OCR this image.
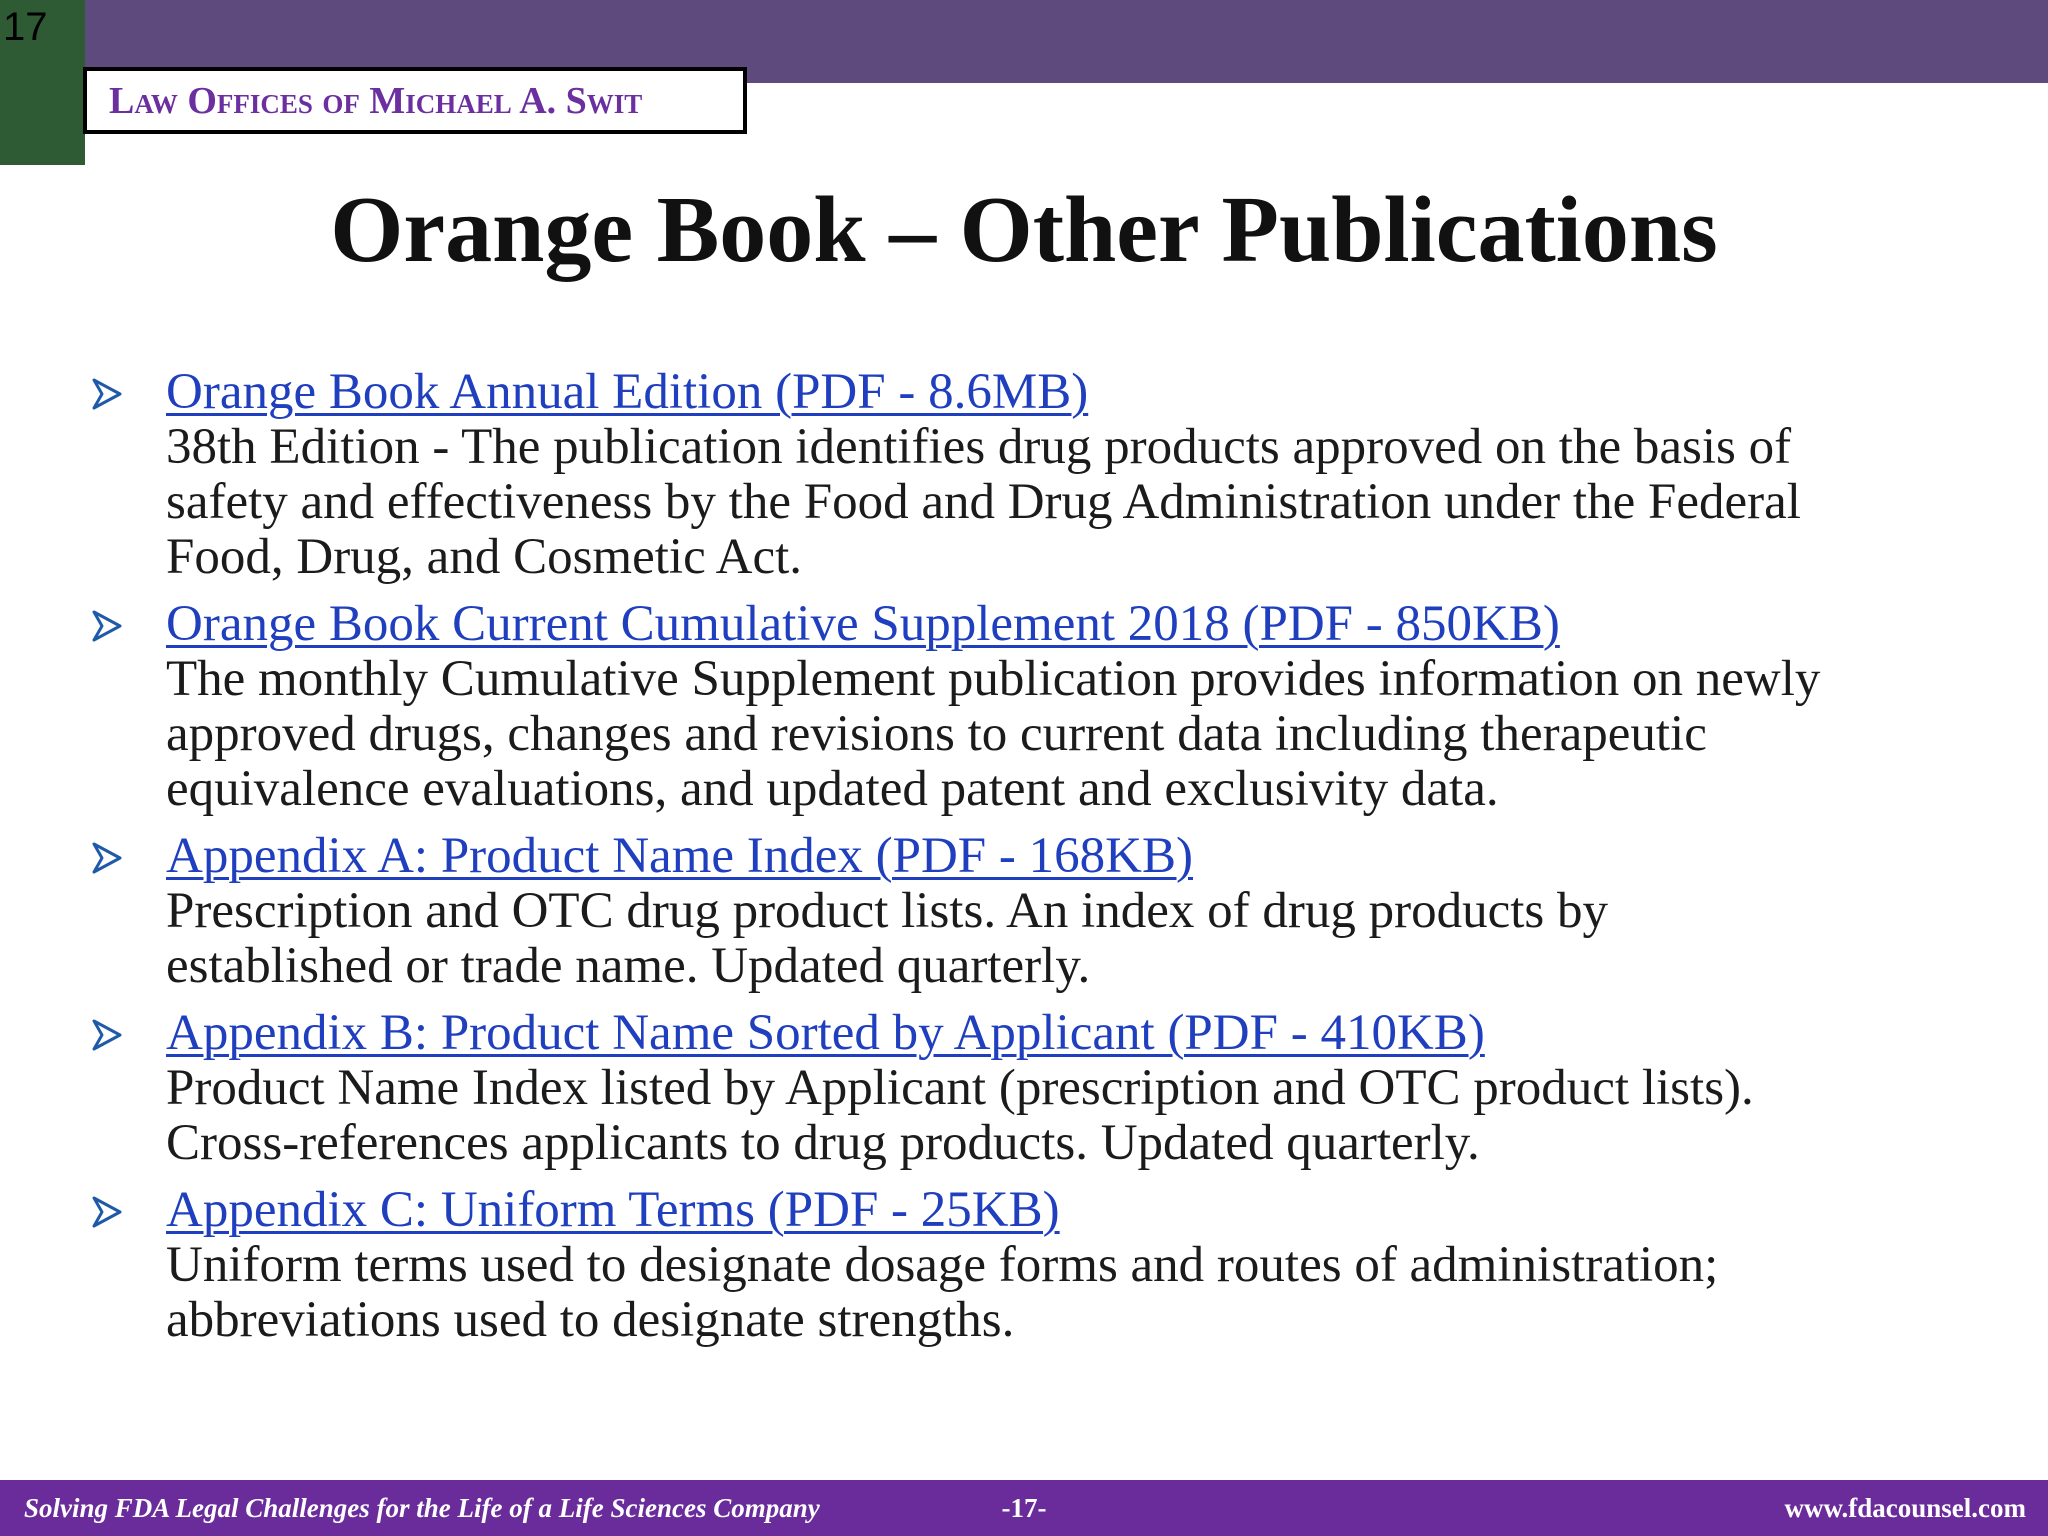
17
Law Offices of Michael A. Swit
Orange Book – Other Publications
Orange Book Annual Edition (PDF - 8.6MB)
38th Edition - The publication identifies drug products approved on the basis of
safety and effectiveness by the Food and Drug Administration under the Federal
Food, Drug, and Cosmetic Act.
Orange Book Current Cumulative Supplement 2018 (PDF - 850KB)
The monthly Cumulative Supplement publication provides information on newly
approved drugs, changes and revisions to current data including therapeutic
equivalence evaluations, and updated patent and exclusivity data.
Appendix A: Product Name Index (PDF - 168KB)
Prescription and OTC drug product lists. An index of drug products by
established or trade name. Updated quarterly.
Appendix B: Product Name Sorted by Applicant (PDF - 410KB)
Product Name Index listed by Applicant (prescription and OTC product lists).
Cross-references applicants to drug products. Updated quarterly.
Appendix C: Uniform Terms (PDF - 25KB)
Uniform terms used to designate dosage forms and routes of administration;
abbreviations used to designate strengths.
Solving FDA Legal Challenges for the Life of a Life Sciences Company	-17-	www.fdacounsel.com
